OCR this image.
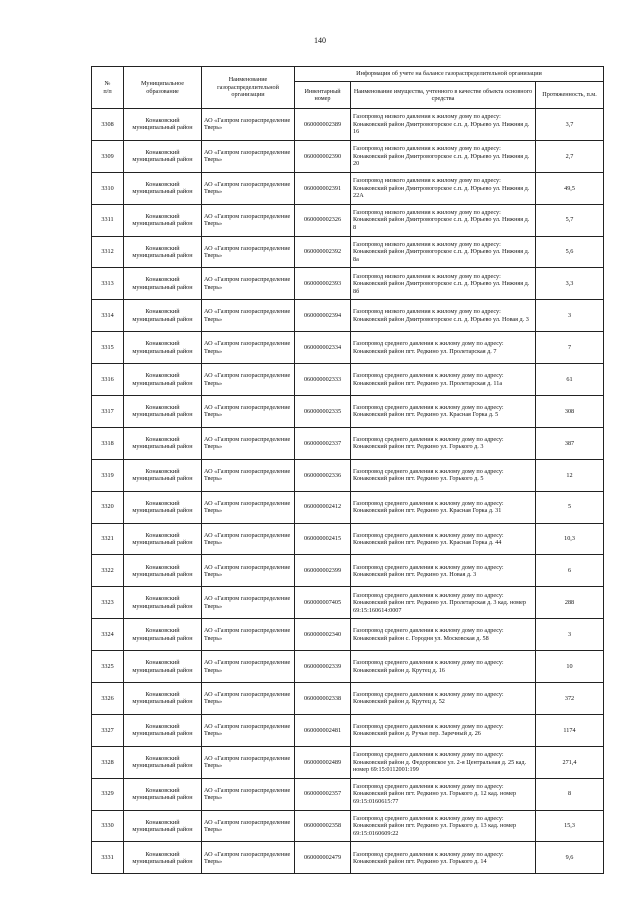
140
№
п/п	Муниципальное образование	Наименование газораспределительной организации	Информация об учете на балансе газораспределительной организации		
			Инвентарный номер	Наименование имущества, учтенного в качестве объекта основного средства	Протяженность, п.м.
3308	Конаковский муниципальный район	АО «Газпром газораспределение Тверь»	060000002389	Газопровод низкого давления к жилому дому по адресу: Конаковский район Дмитровогорское с.п. д. Юрьево ул. Нижняя д. 16	3,7
3309	Конаковский муниципальный район	АО «Газпром газораспределение Тверь»	060000002390	Газопровод низкого давления к жилому дому по адресу: Конаковский район Дмитровогорское с.п. д. Юрьево ул. Нижняя д. 20	2,7
3310	Конаковский муниципальный район	АО «Газпром газораспределение Тверь»	060000002391	Газопровод низкого давления к жилому дому по адресу: Конаковский район Дмитровогорское с.п. д. Юрьево ул. Нижняя д. 22А	49,5
3311	Конаковский муниципальный район	АО «Газпром газораспределение Тверь»	060000002326	Газопровод низкого давления к жилому дому по адресу: Конаковский район Дмитровогорское с.п. д. Юрьево ул. Нижняя д. 8	5,7
3312	Конаковский муниципальный район	АО «Газпром газораспределение Тверь»	060000002392	Газопровод низкого давления к жилому дому по адресу: Конаковский район Дмитровогорское с.п. д. Юрьево ул. Нижняя д. 8а	5,6
3313	Конаковский муниципальный район	АО «Газпром газораспределение Тверь»	060000002393	Газопровод низкого давления к жилому дому по адресу: Конаковский район Дмитровогорское с.п. д. Юрьево ул. Нижняя д. 8б	3,3
3314	Конаковский муниципальный район	АО «Газпром газораспределение Тверь»	060000002394	Газопровод низкого давления к жилому дому по адресу: Конаковский район Дмитровогорское с.п. д. Юрьево ул. Новая д. 3	3
3315	Конаковский муниципальный район	АО «Газпром газораспределение Тверь»	060000002334	Газопровод среднего давления к жилому дому по адресу: Конаковский район пгт. Редкино ул. Пролетарская д. 7	7
3316	Конаковский муниципальный район	АО «Газпром газораспределение Тверь»	060000002333	Газопровод среднего давления к жилому дому по адресу: Конаковский район пгт. Редкино ул. Пролетарская д. 11а	61
3317	Конаковский муниципальный район	АО «Газпром газораспределение Тверь»	060000002335	Газопровод среднего давления к жилому дому по адресу: Конаковский район пгт. Редкино ул. Красная Горка д. 5	308
3318	Конаковский муниципальный район	АО «Газпром газораспределение Тверь»	060000002337	Газопровод среднего давления к жилому дому по адресу: Конаковский район пгт. Редкино ул. Горького д. 3	387
3319	Конаковский муниципальный район	АО «Газпром газораспределение Тверь»	060000002336	Газопровод среднего давления к жилому дому по адресу: Конаковский район пгт. Редкино ул. Горького д. 5	12
3320	Конаковский муниципальный район	АО «Газпром газораспределение Тверь»	060000002412	Газопровод среднего давления к жилому дому по адресу: Конаковский район пгт. Редкино ул. Красная Горка д. 31	5
3321	Конаковский муниципальный район	АО «Газпром газораспределение Тверь»	060000002415	Газопровод среднего давления к жилому дому по адресу: Конаковский район пгт. Редкино ул. Красная Горка д. 44	10,3
3322	Конаковский муниципальный район	АО «Газпром газораспределение Тверь»	060000002399	Газопровод среднего давления к жилому дому по адресу: Конаковский район пгт. Редкино ул. Новая д. 3	6
3323	Конаковский муниципальный район	АО «Газпром газораспределение Тверь»	060000007405	Газопровод среднего давления к жилому дому по адресу: Конаковский район пгт. Редкино ул. Пролетарская д. 3 кад. номер 69:15:160614:0007	288
3324	Конаковский муниципальный район	АО «Газпром газораспределение Тверь»	060000002340	Газопровод среднего давления к жилому дому по адресу: Конаковский район с. Городня ул. Московская д. 58	3
3325	Конаковский муниципальный район	АО «Газпром газораспределение Тверь»	060000002339	Газопровод среднего давления к жилому дому по адресу: Конаковский район д. Крутец д. 16	10
3326	Конаковский муниципальный район	АО «Газпром газораспределение Тверь»	060000002338	Газопровод среднего давления к жилому дому по адресу: Конаковский район д. Крутец д. 52	372
3327	Конаковский муниципальный район	АО «Газпром газораспределение Тверь»	060000002481	Газопровод среднего давления к жилому дому по адресу: Конаковский район д. Ручьи пер. Заречный д. 26	1174
3328	Конаковский муниципальный район	АО «Газпром газораспределение Тверь»	060000002489	Газопровод среднего давления к жилому дому по адресу: Конаковский район д. Федоровское ул. 2-я Центральная д. 25 кад. номер 69:15:0112001:199	271,4
3329	Конаковский муниципальный район	АО «Газпром газораспределение Тверь»	060000002357	Газопровод среднего давления к жилому дому по адресу: Конаковский район пгт. Редкино ул. Горького д. 12 кад. номер 69:15:0160615:77	8
3330	Конаковский муниципальный район	АО «Газпром газораспределение Тверь»	060000002358	Газопровод среднего давления к жилому дому по адресу: Конаковский район пгт. Редкино ул. Горького д. 13 кад. номер 69:15:0160609:22	15,3
3331	Конаковский муниципальный район	АО «Газпром газораспределение Тверь»	060000002479	Газопровод среднего давления к жилому дому по адресу: Конаковский район пгт. Редкино ул. Горького д. 14	9,6
